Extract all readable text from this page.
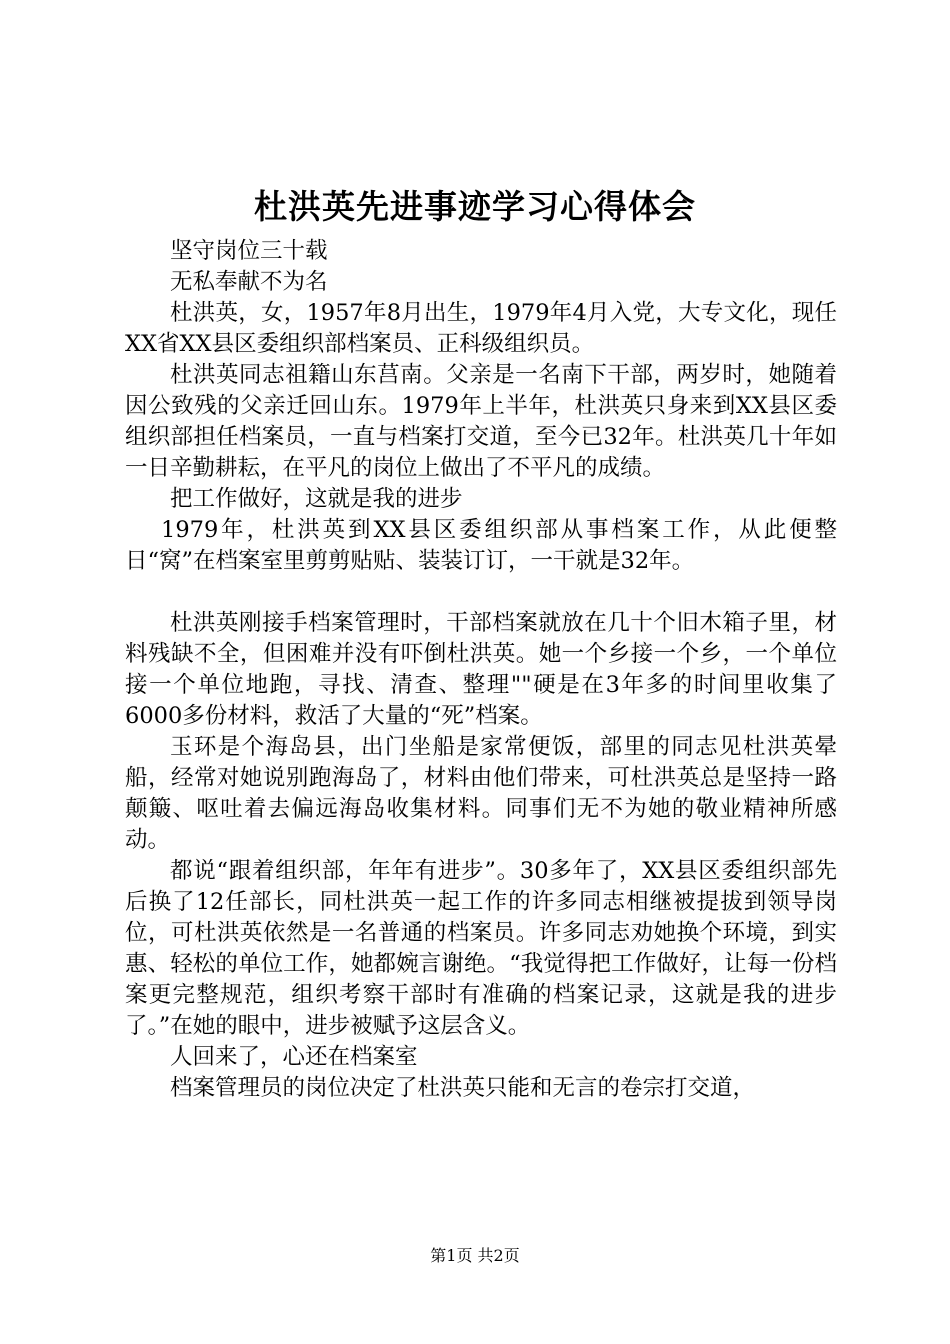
杜洪英先进事迹学习心得体会

坚守岗位三十载

无私奉献不为名

杜洪英，女，1957年8月出生，1979年4月入党，大专文化，现任XX省XX县区委组织部档案员、正科级组织员。

杜洪英同志祖籍山东莒南。父亲是一名南下干部，两岁时，她随着因公致残的父亲迁回山东。1979年上半年，杜洪英只身来到XX县区委组织部担任档案员，一直与档案打交道，至今已32年。杜洪英几十年如一日辛勤耕耘，在平凡的岗位上做出了不平凡的成绩。

把工作做好，这就是我的进步

1979年，杜洪英到XX县区委组织部从事档案工作，从此便整日“窝”在档案室里剪剪贴贴、装装订订，一干就是32年。

杜洪英刚接手档案管理时，干部档案就放在几十个旧木箱子里，材料残缺不全，但困难并没有吓倒杜洪英。她一个乡接一个乡，一个单位接一个单位地跑，寻找、清查、整理""硬是在3年多的时间里收集了6000多份材料，救活了大量的“死”档案。

玉环是个海岛县，出门坐船是家常便饭，部里的同志见杜洪英晕船，经常对她说别跑海岛了，材料由他们带来，可杜洪英总是坚持一路颠簸、呕吐着去偏远海岛收集材料。同事们无不为她的敬业精神所感动。

都说“跟着组织部，年年有进步”。30多年了，XX县区委组织部先后换了12任部长，同杜洪英一起工作的许多同志相继被提拔到领导岗位，可杜洪英依然是一名普通的档案员。许多同志劝她换个环境，到实惠、轻松的单位工作，她都婉言谢绝。“我觉得把工作做好，让每一份档案更完整规范，组织考察干部时有准确的档案记录，这就是我的进步了。”在她的眼中，进步被赋予这层含义。

人回来了，心还在档案室

档案管理员的岗位决定了杜洪英只能和无言的卷宗打交道，

第1页 共2页
